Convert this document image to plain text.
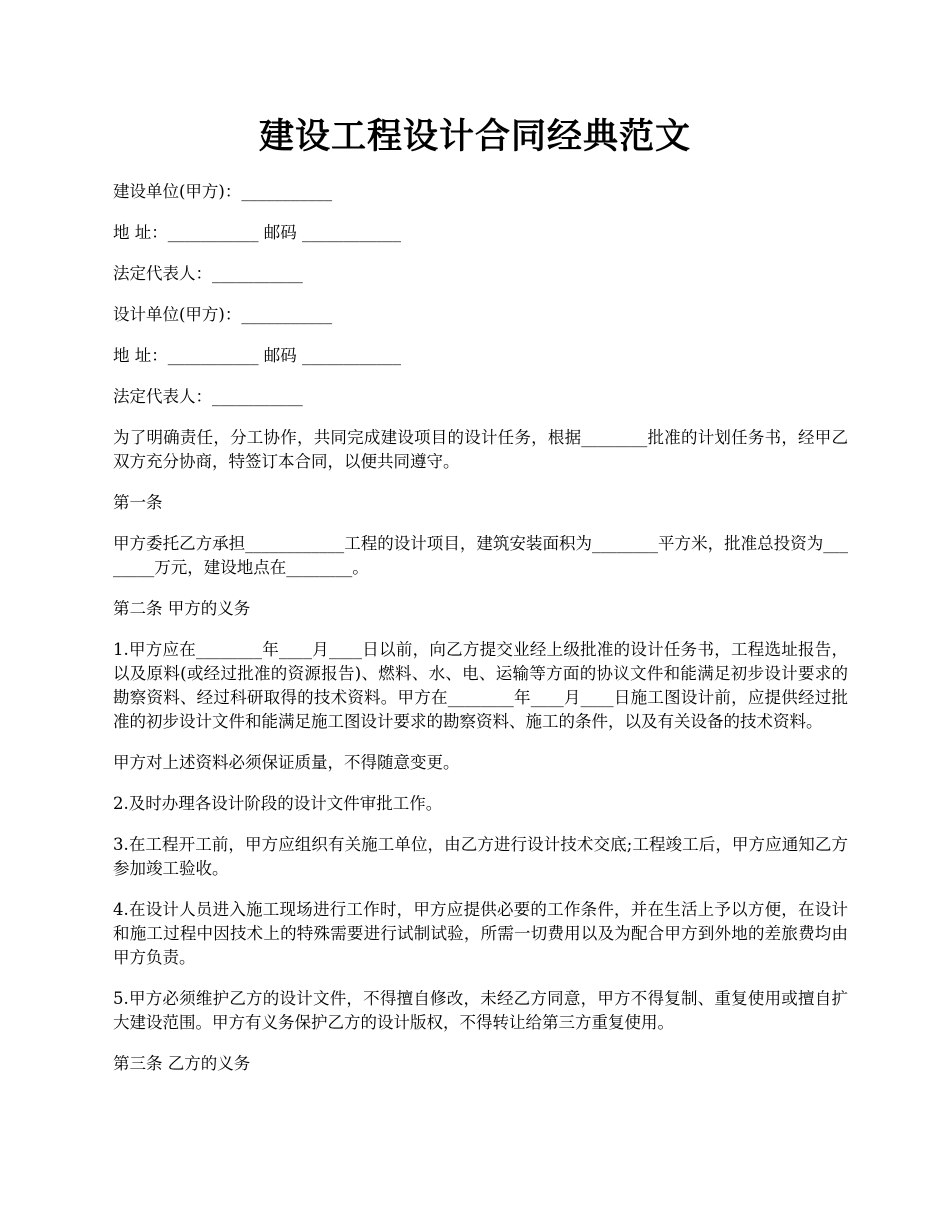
建设工程设计合同经典范文

建设单位(甲方)：___________

地 址：___________ 邮码 ____________

法定代表人：___________

设计单位(甲方)：___________

地 址：___________ 邮码 ____________

法定代表人：___________

为了明确责任，分工协作，共同完成建设项目的设计任务，根据________批准的计划任务书，经甲乙双方充分协商，特签订本合同，以便共同遵守。

第一条

甲方委托乙方承担____________工程的设计项目，建筑安装面积为________平方米，批准总投资为________万元，建设地点在________。

第二条 甲方的义务

1.甲方应在________年____月____日以前，向乙方提交业经上级批准的设计任务书，工程选址报告，以及原料(或经过批准的资源报告)、燃料、水、电、运输等方面的协议文件和能满足初步设计要求的勘察资料、经过科研取得的技术资料。甲方在________年____月____日施工图设计前，应提供经过批准的初步设计文件和能满足施工图设计要求的勘察资料、施工的条件，以及有关设备的技术资料。

甲方对上述资料必须保证质量，不得随意变更。

2.及时办理各设计阶段的设计文件审批工作。

3.在工程开工前，甲方应组织有关施工单位，由乙方进行设计技术交底;工程竣工后，甲方应通知乙方参加竣工验收。

4.在设计人员进入施工现场进行工作时，甲方应提供必要的工作条件，并在生活上予以方便，在设计和施工过程中因技术上的特殊需要进行试制试验，所需一切费用以及为配合甲方到外地的差旅费均由甲方负责。

5.甲方必须维护乙方的设计文件，不得擅自修改，未经乙方同意，甲方不得复制、重复使用或擅自扩大建设范围。甲方有义务保护乙方的设计版权，不得转让给第三方重复使用。

第三条 乙方的义务
